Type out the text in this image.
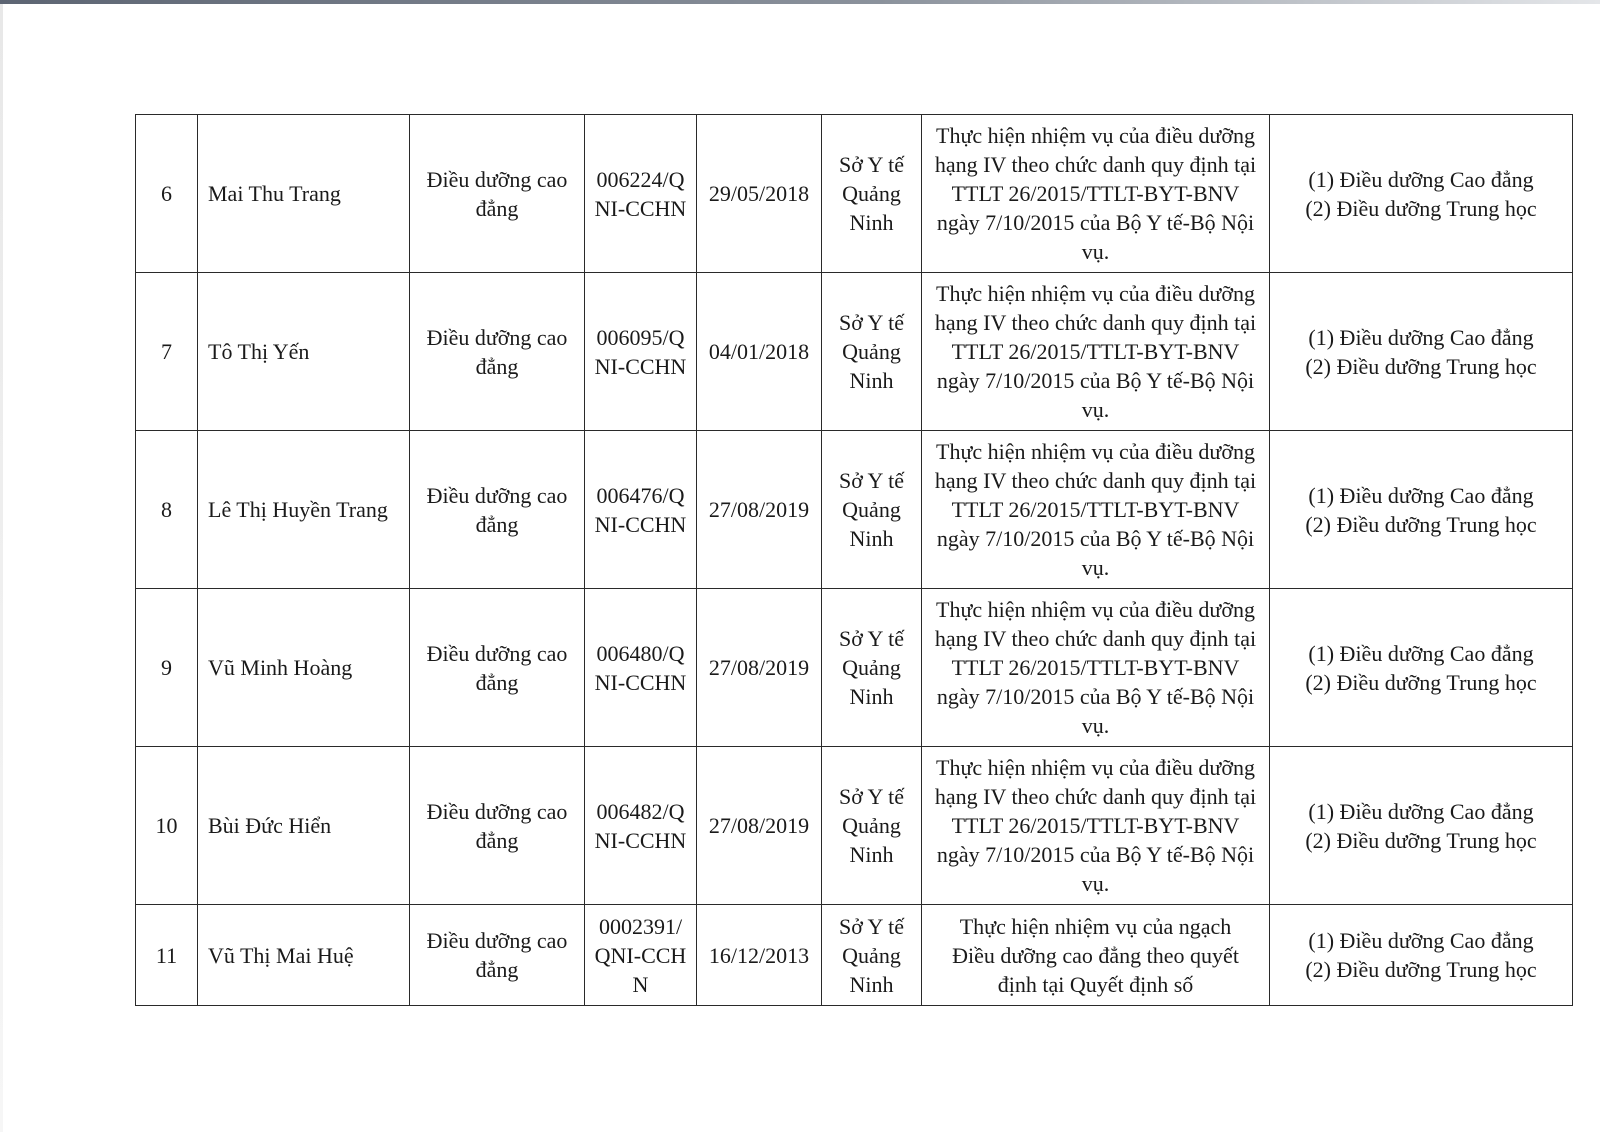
6	Mai Thu Trang	Điều dưỡng cao đẳng	006224/QNI-CCHN	29/05/2018	Sở Y tế Quảng Ninh	Thực hiện nhiệm vụ của điều dưỡng hạng IV theo chức danh quy định tại TTLT 26/2015/TTLT-BYT-BNV ngày 7/10/2015 của Bộ Y tế-Bộ Nội vụ.	(1) Điều dưỡng Cao đẳng
(2) Điều dưỡng Trung học

7	Tô Thị Yến	Điều dưỡng cao đẳng	006095/QNI-CCHN	04/01/2018	Sở Y tế Quảng Ninh	Thực hiện nhiệm vụ của điều dưỡng hạng IV theo chức danh quy định tại TTLT 26/2015/TTLT-BYT-BNV ngày 7/10/2015 của Bộ Y tế-Bộ Nội vụ.	(1) Điều dưỡng Cao đẳng
(2) Điều dưỡng Trung học

8	Lê Thị Huyền Trang	Điều dưỡng cao đẳng	006476/QNI-CCHN	27/08/2019	Sở Y tế Quảng Ninh	Thực hiện nhiệm vụ của điều dưỡng hạng IV theo chức danh quy định tại TTLT 26/2015/TTLT-BYT-BNV ngày 7/10/2015 của Bộ Y tế-Bộ Nội vụ.	(1) Điều dưỡng Cao đẳng
(2) Điều dưỡng Trung học

9	Vũ Minh Hoàng	Điều dưỡng cao đẳng	006480/QNI-CCHN	27/08/2019	Sở Y tế Quảng Ninh	Thực hiện nhiệm vụ của điều dưỡng hạng IV theo chức danh quy định tại TTLT 26/2015/TTLT-BYT-BNV ngày 7/10/2015 của Bộ Y tế-Bộ Nội vụ.	(1) Điều dưỡng Cao đẳng
(2) Điều dưỡng Trung học

10	Bùi Đức Hiển	Điều dưỡng cao đẳng	006482/QNI-CCHN	27/08/2019	Sở Y tế Quảng Ninh	Thực hiện nhiệm vụ của điều dưỡng hạng IV theo chức danh quy định tại TTLT 26/2015/TTLT-BYT-BNV ngày 7/10/2015 của Bộ Y tế-Bộ Nội vụ.	(1) Điều dưỡng Cao đẳng
(2) Điều dưỡng Trung học

11	Vũ Thị Mai Huệ	Điều dưỡng cao đẳng	0002391/QNI-CCHN	16/12/2013	Sở Y tế Quảng Ninh	Thực hiện nhiệm vụ của ngạch Điều dưỡng cao đẳng theo quyết định tại Quyết định số	(1) Điều dưỡng Cao đẳng
(2) Điều dưỡng Trung học
